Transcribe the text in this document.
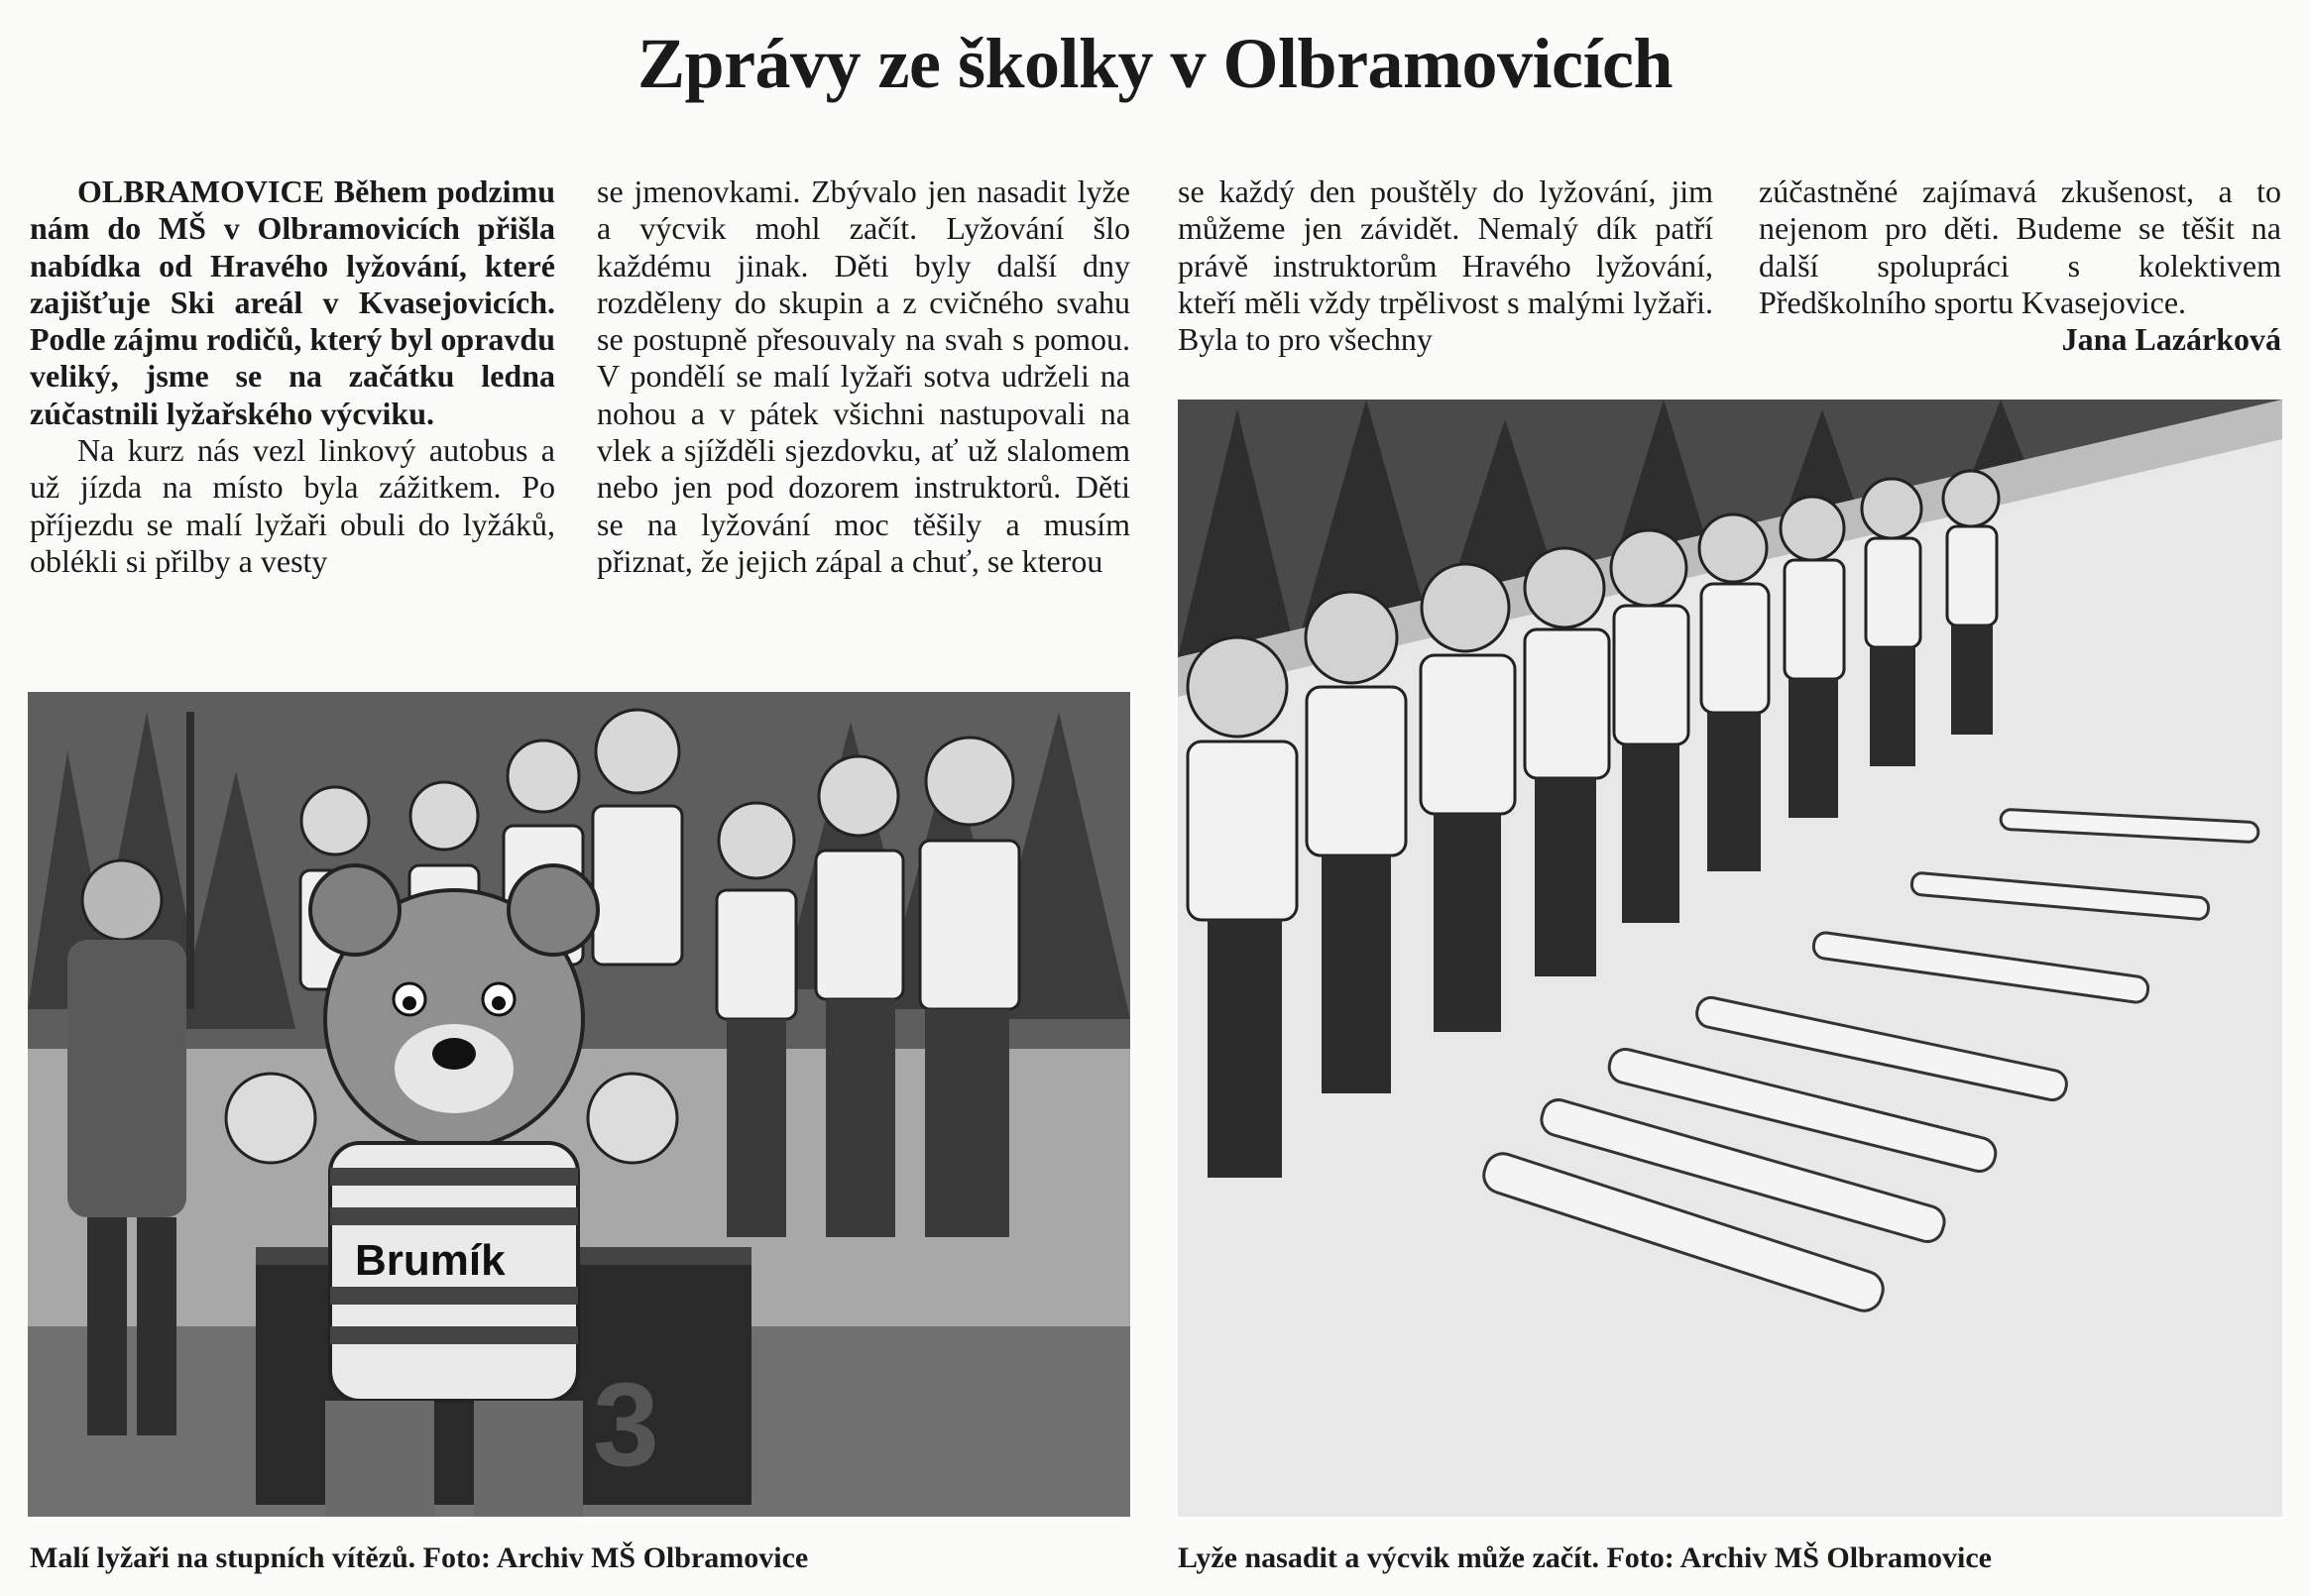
Zprávy ze školky v Olbramovicích

OLBRAMOVICE Během podzimu nám do MŠ v Olbramovicích přišla nabídka od Hravého lyžování, které zajišťuje Ski areál v Kvasejovicích. Podle zájmu rodičů, který byl opravdu veliký, jsme se na začátku ledna zúčastnili lyžařského výcviku.

Na kurz nás vezl linkový autobus a už jízda na místo byla zážitkem. Po příjezdu se malí lyžaři obuli do lyžáků, oblékli si přilby a vesty

se jmenovkami. Zbývalo jen nasadit lyže a výcvik mohl začít. Lyžování šlo každému jinak. Děti byly další dny rozděleny do skupin a z cvičného svahu se postupně přesouvaly na svah s pomou. V pondělí se malí lyžaři sotva udrželi na nohou a v pátek všichni nastupovali na vlek a sjížděli sjezdovku, ať už slalomem nebo jen pod dozorem instruktorů. Děti se na lyžování moc těšily a musím přiznat, že jejich zápal a chuť, se kterou

se každý den pouštěly do lyžování, jim můžeme jen závidět. Nemalý dík patří právě instruktorům Hravého lyžování, kteří měli vždy trpělivost s malými lyžaři. Byla to pro všechny

zúčastněné zajímavá zkušenost, a to nejenom pro děti. Budeme se těšit na další spolupráci s kolektivem Předškolního sportu Kvasejovice.

Jana Lazárková

3
Brumík
Malí lyžaři na stupních vítězů. Foto: Archiv MŠ Olbramovice	Lyže nasadit a výcvik může začít. Foto: Archiv MŠ Olbramovice
